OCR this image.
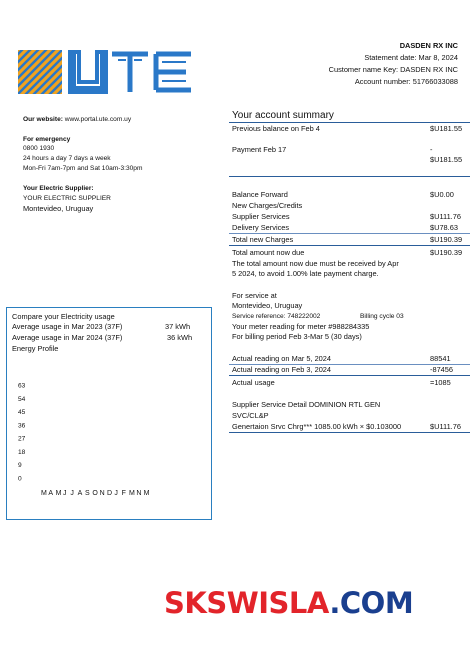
DASDEN RX INC
Statement date: Mar 8, 2024
Customer name Key: DASDEN RX INC
Account number: 51766033088
Our website: www.portal.ute.com.uy
For emergency
0800 1930
24 hours a day 7 days a week
Mon-Fri 7am-7pm and Sat 10am-3:30pm
Your Electric Supplier:
YOUR ELECTRIC SUPPLIER
Montevideo, Uruguay
Your account summary
Previous balance on Feb 4	$U181.55
Payment Feb 17	-
$U181.55
Balance Forward	$U0.00
New Charges/Credits
Supplier Services	$U111.76
Delivery Services	$U78.63
Total new Charges	$U190.39
Total amount now due	$U190.39
The total amount now due must be received by Apr
5 2024, to avoid 1.00% late payment charge.
For service at
Montevideo, Uruguay
Service reference: 748222002	Billing cycle 03
Your meter reading for meter #988284335
For billing period Feb 3-Mar 5 (30 days)
Actual reading on Mar 5, 2024	88541
Actual reading on Feb 3, 2024	-87456
Actual usage	=1085
Supplier Service Detail DOMINION RTL GEN
SVC/CL&P
Genertaion Srvc Chrg*** 1085.00 kWh × $0.103000	$U111.76
Compare your Electricity usage
Average usage in Mar 2023 (37F)	37 kWh
Average usage in Mar 2024 (37F)	36 kWh
Energy Profile
63
54
45
36
27
18
9
0
M A M J J A S O N D J F M N M
SKSWISLA.COM
